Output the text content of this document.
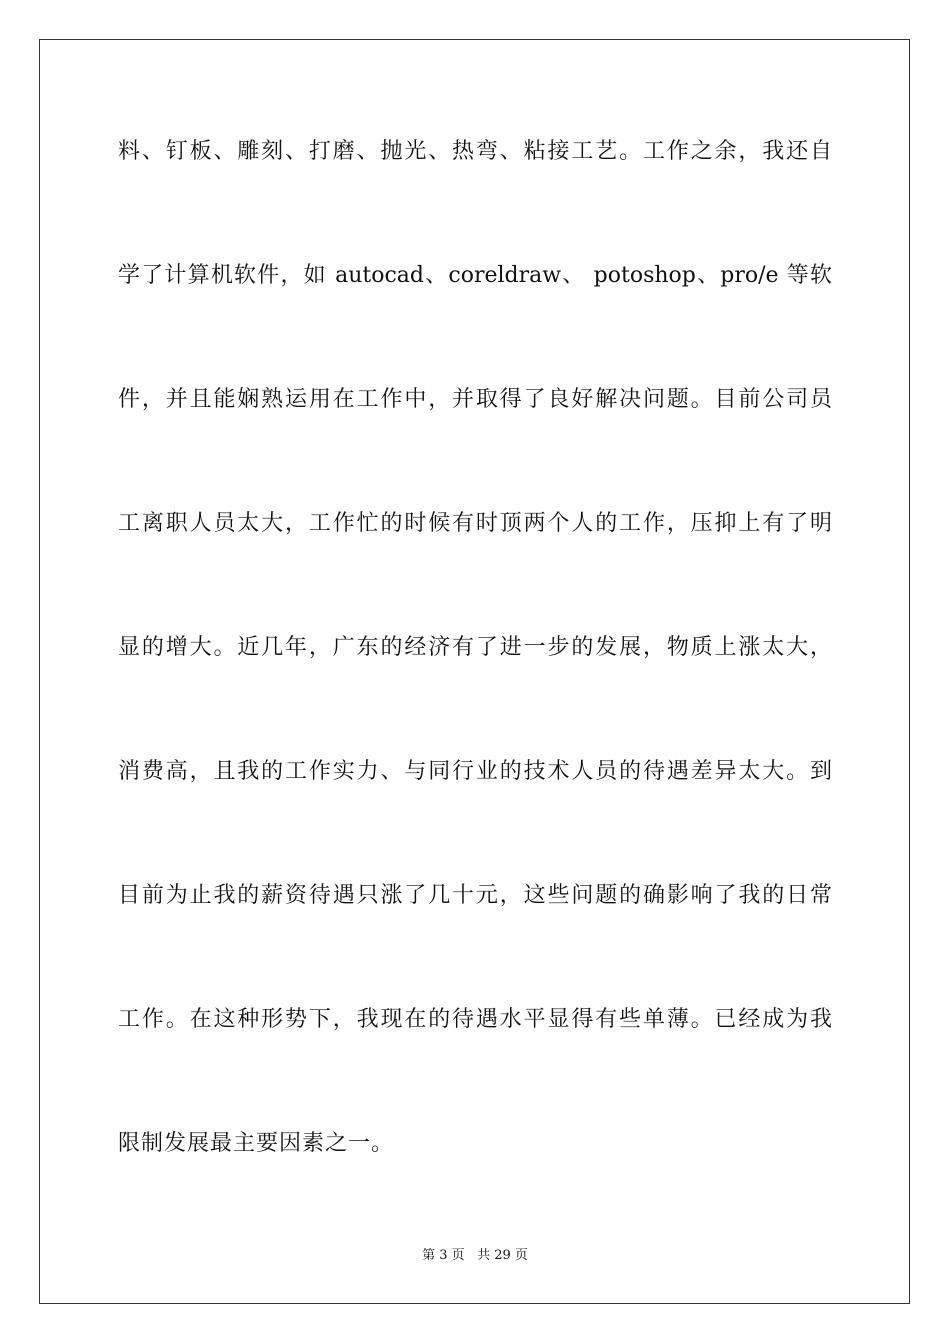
料、钉板、雕刻、打磨、抛光、热弯、粘接工艺。工作之余，我还自
学了计算机软件，如 autocad、coreldraw、 potoshop、pro/e 等软
件，并且能娴熟运用在工作中，并取得了良好解决问题。目前公司员
工离职人员太大，工作忙的时候有时顶两个人的工作，压抑上有了明
显的增大。近几年，广东的经济有了进一步的发展，物质上涨太大，
消费高，且我的工作实力、与同行业的技术人员的待遇差异太大。到
目前为止我的薪资待遇只涨了几十元，这些问题的确影响了我的日常
工作。在这种形势下，我现在的待遇水平显得有些单薄。已经成为我
限制发展最主要因素之一。
第 3 页 共 29 页
